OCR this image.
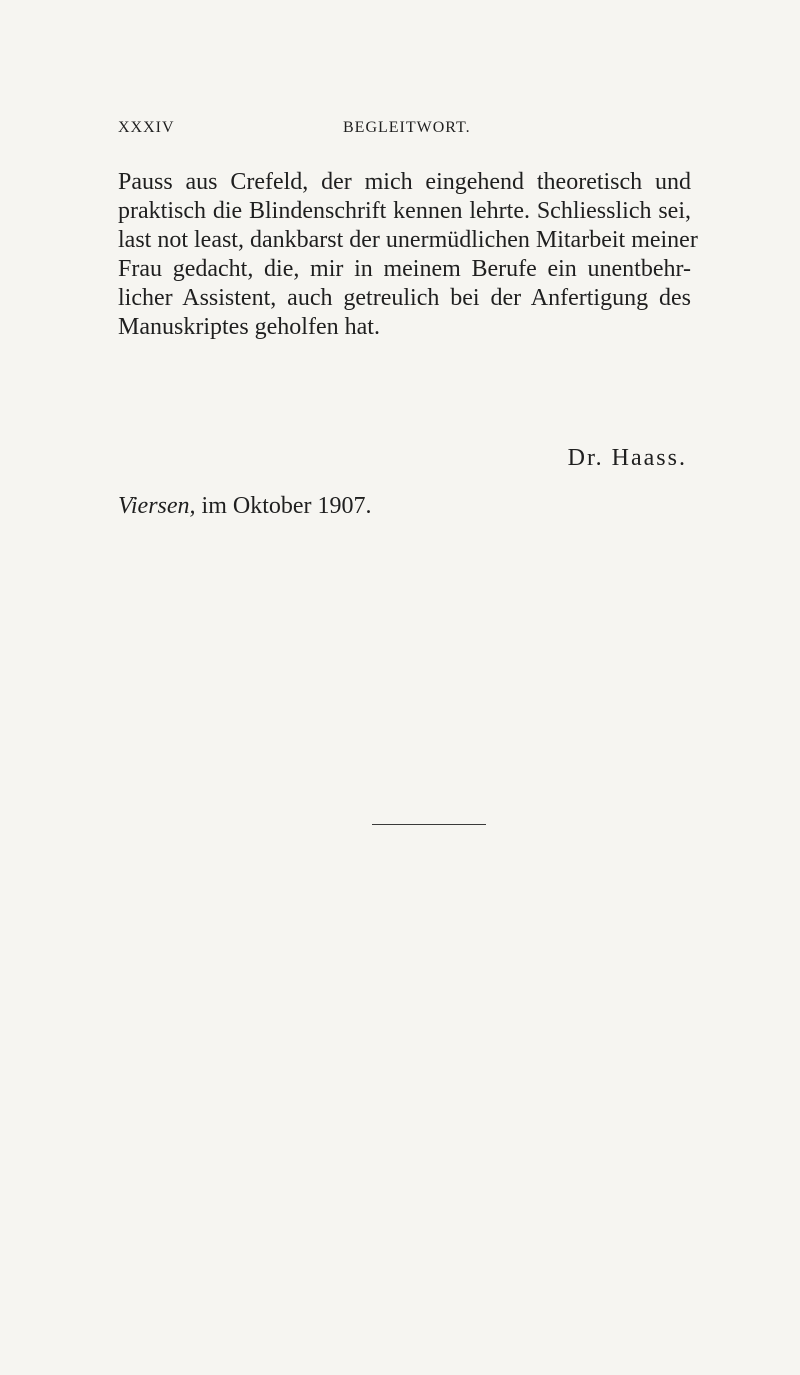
XXXIV	BEGLEITWORT.
Pauss aus Crefeld, der mich eingehend theoretisch und
praktisch die Blindenschrift kennen lehrte. Schliesslich sei,
last not least, dankbarst der unermüdlichen Mitarbeit meiner
Frau gedacht, die, mir in meinem Berufe ein unentbehr-
licher Assistent, auch getreulich bei der Anfertigung des
Manuskriptes geholfen hat.
Dr. Haass.
Viersen, im Oktober 1907.
